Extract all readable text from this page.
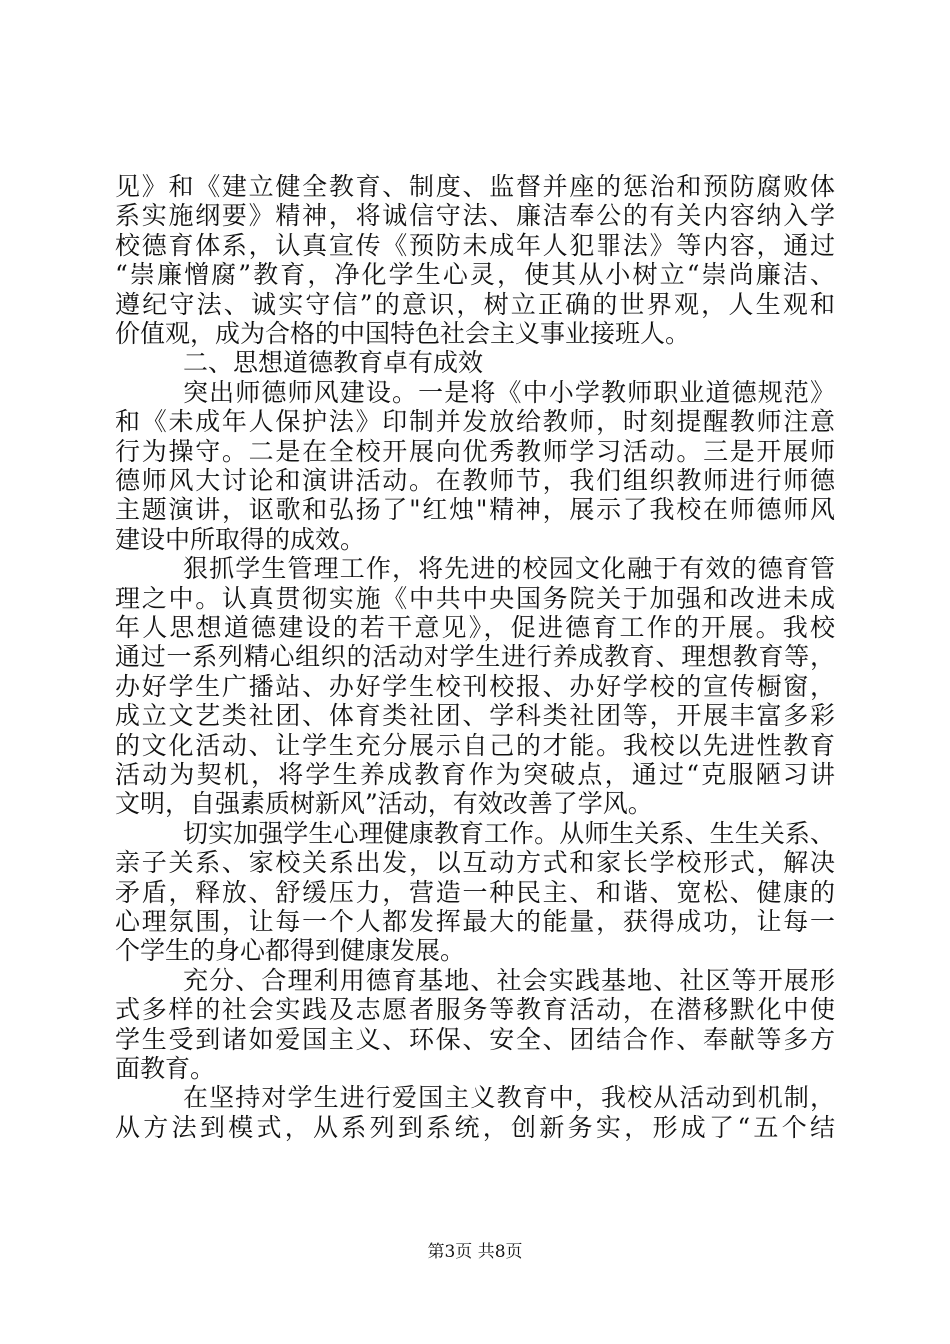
见》和《建立健全教育、制度、监督并座的惩治和预防腐败体
系实施纲要》精神，将诚信守法、廉洁奉公的有关内容纳入学
校德育体系，认真宣传《预防未成年人犯罪法》等内容，通过
“崇廉憎腐”教育，净化学生心灵，使其从小树立“崇尚廉洁、
遵纪守法、诚实守信”的意识，树立正确的世界观，人生观和
价值观，成为合格的中国特色社会主义事业接班人。
二、思想道德教育卓有成效
突出师德师风建设。一是将《中小学教师职业道德规范》
和《未成年人保护法》印制并发放给教师，时刻提醒教师注意
行为操守。二是在全校开展向优秀教师学习活动。三是开展师
德师风大讨论和演讲活动。在教师节，我们组织教师进行师德
主题演讲，讴歌和弘扬了"红烛"精神，展示了我校在师德师风
建设中所取得的成效。
狠抓学生管理工作，将先进的校园文化融于有效的德育管
理之中。认真贯彻实施《中共中央国务院关于加强和改进未成
年人思想道德建设的若干意见》，促进德育工作的开展。我校
通过一系列精心组织的活动对学生进行养成教育、理想教育等，
办好学生广播站、办好学生校刊校报、办好学校的宣传橱窗，
成立文艺类社团、体育类社团、学科类社团等，开展丰富多彩
的文化活动、让学生充分展示自己的才能。我校以先进性教育
活动为契机，将学生养成教育作为突破点，通过“克服陋习讲
文明，自强素质树新风”活动，有效改善了学风。
切实加强学生心理健康教育工作。从师生关系、生生关系、
亲子关系、家校关系出发，以互动方式和家长学校形式，解决
矛盾，释放、舒缓压力，营造一种民主、和谐、宽松、健康的
心理氛围，让每一个人都发挥最大的能量，获得成功，让每一
个学生的身心都得到健康发展。
充分、合理利用德育基地、社会实践基地、社区等开展形
式多样的社会实践及志愿者服务等教育活动，在潜移默化中使
学生受到诸如爱国主义、环保、安全、团结合作、奉献等多方
面教育。
在坚持对学生进行爱国主义教育中，我校从活动到机制，
从方法到模式，从系列到系统，创新务实，形成了“五个结
第3页 共8页
